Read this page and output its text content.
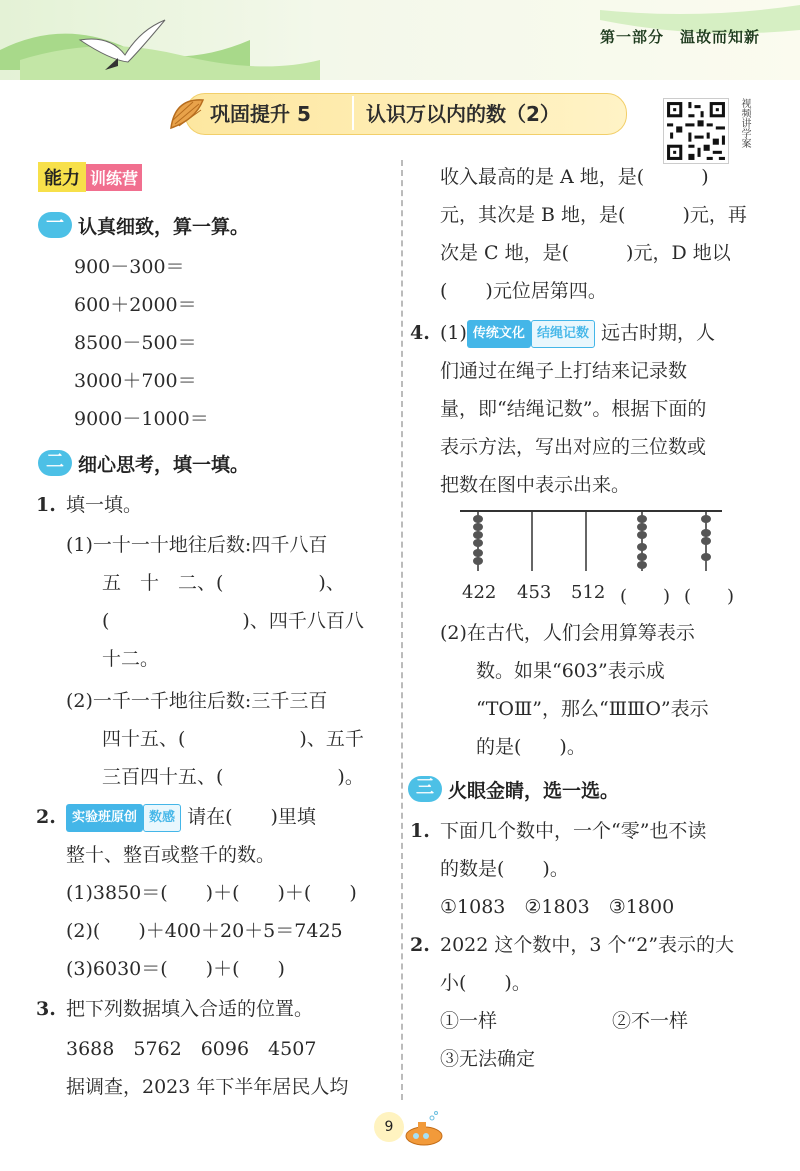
第一部分　温故而知新
巩固提升 5	认识万以内的数（2）	视频讲学案
能力 训练营
一 认真细致，算一算。
900－300＝
600＋2000＝
8500－500＝
3000＋700＝
9000－1000＝
二 细心思考，填一填。
1. 填一填。
(1)一十一十地往后数:四千八百
五　十　二、(　　　　　)、
(　　　　　　　)、四千八百八
十二。
(2)一千一千地往后数:三千三百
四十五、(　　　　　　)、五千
三百四十五、(　　　　　　)。
2.	实验班原创 数感 请在(　　)里填
整十、整百或整千的数。
(1)3850＝(　　)＋(　　)＋(　　)
(2)(　　)＋400＋20＋5＝7425
(3)6030＝(　　)＋(　　)
3. 把下列数据填入合适的位置。
3688　5762　6096　4507
据调查，2023 年下半年居民人均
收入最高的是 A 地，是(　　　)
元，其次是 B 地，是(　　　)元，再
次是 C 地，是(　　　)元，D 地以
(　　)元位居第四。
4. (1) 传统文化 结绳记数 远古时期，人
们通过在绳子上打结来记录数
量，即“结绳记数”。根据下面的
表示方法，写出对应的三位数或
把数在图中表示出来。
422 453 512 (　　) (　　)
(2)在古代，人们会用算筹表示
数。如果“603”表示成
“ТOⅢ”，那么“ⅢⅢO”表示
的是(　　)。
三 火眼金睛，选一选。
1. 下面几个数中，一个“零”也不读
的数是(　　)。
①1083　②1803　③1800
2. 2022 这个数中，3 个“2”表示的大
小(　　)。
①一样	②不一样
③无法确定
9
